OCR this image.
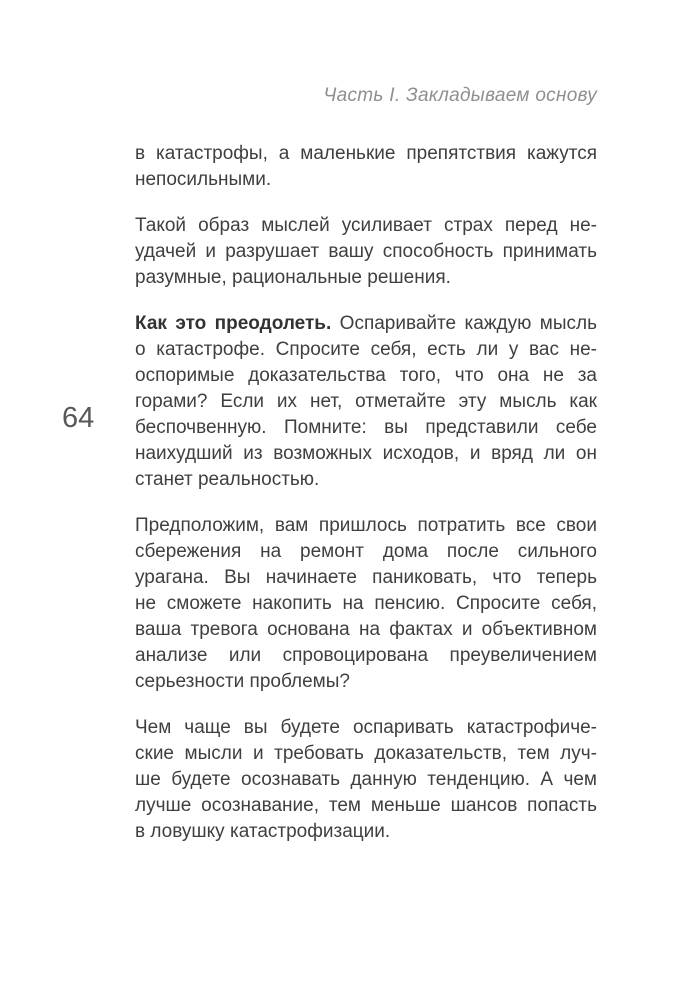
Часть I. Закладываем основу
64
в катастрофы, а маленькие препятствия кажутся
непосильными.
Такой образ мыслей усиливает страх перед не-
удачей и разрушает вашу способность принимать
разумные, рациональные решения.
Как это преодолеть. Оспаривайте каждую мысль
о катастрофе. Спросите себя, есть ли у вас не-
оспоримые доказательства того, что она не за
горами? Если их нет, отметайте эту мысль как
беспочвенную. Помните: вы представили себе
наихудший из возможных исходов, и вряд ли он
станет реальностью.
Предположим, вам пришлось потратить все свои
сбережения на ремонт дома после сильного
урагана. Вы начинаете паниковать, что теперь
не сможете накопить на пенсию. Спросите себя,
ваша тревога основана на фактах и объективном
анализе или спровоцирована преувеличением
серьезности проблемы?
Чем чаще вы будете оспаривать катастрофиче-
ские мысли и требовать доказательств, тем луч-
ше будете осознавать данную тенденцию. А чем
лучше осознавание, тем меньше шансов попасть
в ловушку катастрофизации.
